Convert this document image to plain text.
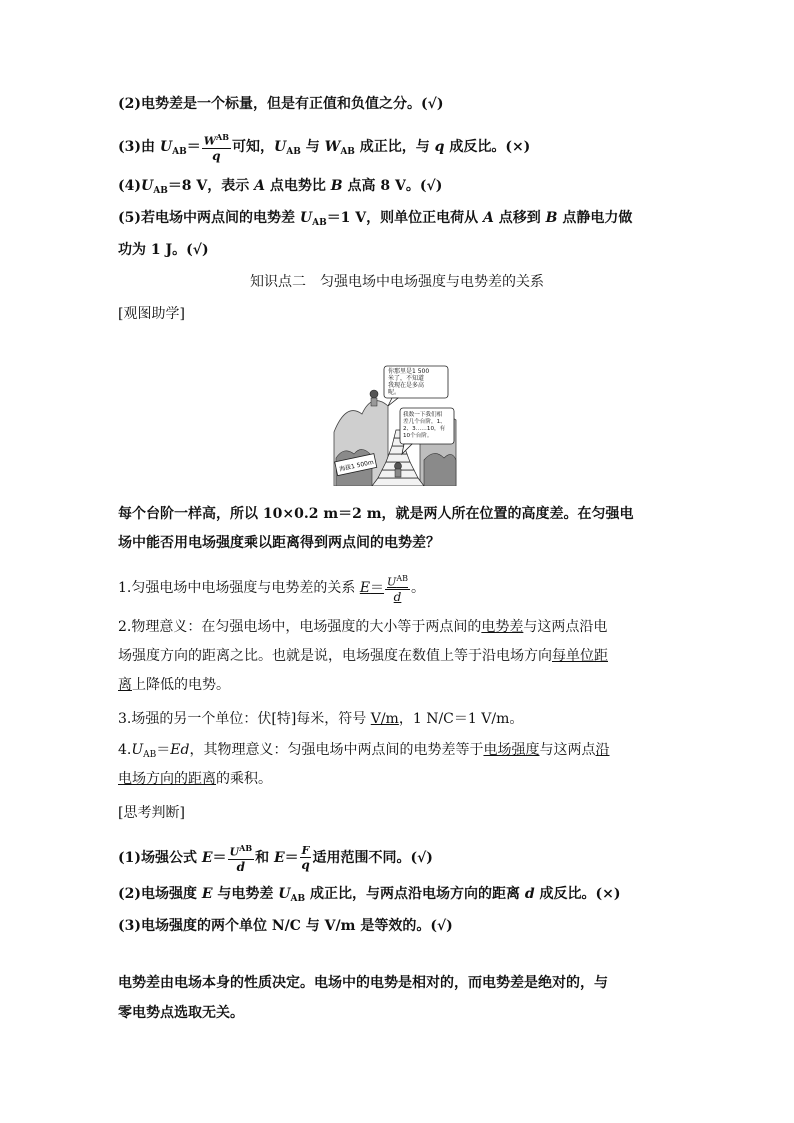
(2)电势差是一个标量，但是有正值和负值之分。(√)
(3)由 $U_{AB}= \frac{W^{AB}}{q}$ 可知，$U_{AB}$ 与 $W_{AB}$ 成正比，与 q 成反比。(×)
$(4)U_{AB}=8$ V，表示 A 点电势比 B 点高 8 V。(√)
(5)若电场中两点间的电势差 $U_{AB}=1$ V，则单位正电荷从 A 点移到 B 点静电力做
功为 1 J。(√)
知识点二　匀强电场中电场强度与电势差的关系
[观图助学]
你那里是1 500
米了，不知道
我现在是多高
呢。
我数一下我们相
差几个台阶，1、
2、3……10，有
10个台阶。
海拔1 500m
每个台阶一样高，所以 10×0.2 m＝2 m，就是两人所在位置的高度差。在匀强电
场中能否用电场强度乘以距离得到两点间的电势差？
1.匀强电场中电场强度与电势差的关系 $E= \frac{U^{AB}}{d}$ 。
2.物理意义：在匀强电场中，电场强度的大小等于两点间的电势差与这两点沿电
场强度方向的距离之比。也就是说，电场强度在数值上等于沿电场方向每单位距
离上降低的电势。
3.场强的另一个单位：伏[特]每米，符号 V/m，1 N/C＝1 V/m。
$4.U_{AB}=Ed$，其物理意义：匀强电场中两点间的电势差等于电场强度与这两点沿
电场方向的距离的乘积。
[思考判断]
(1)场强公式 $E= \frac{U^{AB}}{d}$ 和 $E= \frac{F}{q}$ 适用范围不同。(√)
(2)电场强度 E 与电势差 $U_{AB}$ 成正比，与两点沿电场方向的距离 d 成反比。(×)
(3)电场强度的两个单位 N/C 与 V/m 是等效的。(√)
电势差由电场本身的性质决定。电场中的电势是相对的，而电势差是绝对的，与
零电势点选取无关。
